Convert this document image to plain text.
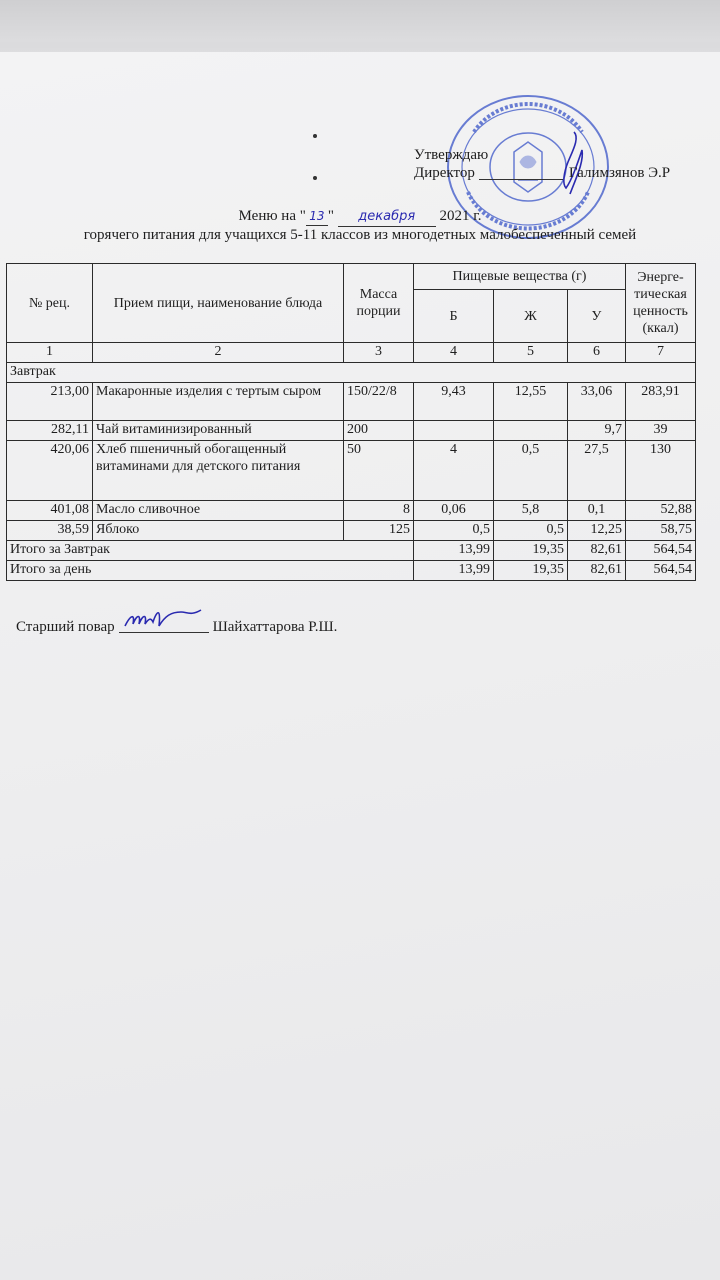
Утверждаю
Директор	Галимзянов Э.Р
Меню на " 13 " декабря 2021 г.
горячего питания для учащихся 5-11 классов из многодетных малобеспеченный семей
№ рец.	Прием пищи, наименование блюда	Масса порции	Пищевые вещества (г)			Энерге-тическая ценность (ккал)
			Б	Ж	У	
1	2	3	4	5	6	7
Завтрак						
213,00	Макаронные изделия с тертым сыром	150/22/8	9,43	12,55	33,06	283,91
282,11	Чай витаминизированный	200			9,7	39
420,06	Хлеб пшеничный обогащенный витаминами для детского питания	50	4	0,5	27,5	130
401,08	Масло сливочное	8	0,06	5,8	0,1	52,88
38,59	Яблоко	125	0,5	0,5	12,25	58,75
Итого за Завтрак			13,99	19,35	82,61	564,54
Итого за день			13,99	19,35	82,61	564,54
Старший повар	Шайхаттарова Р.Ш.
